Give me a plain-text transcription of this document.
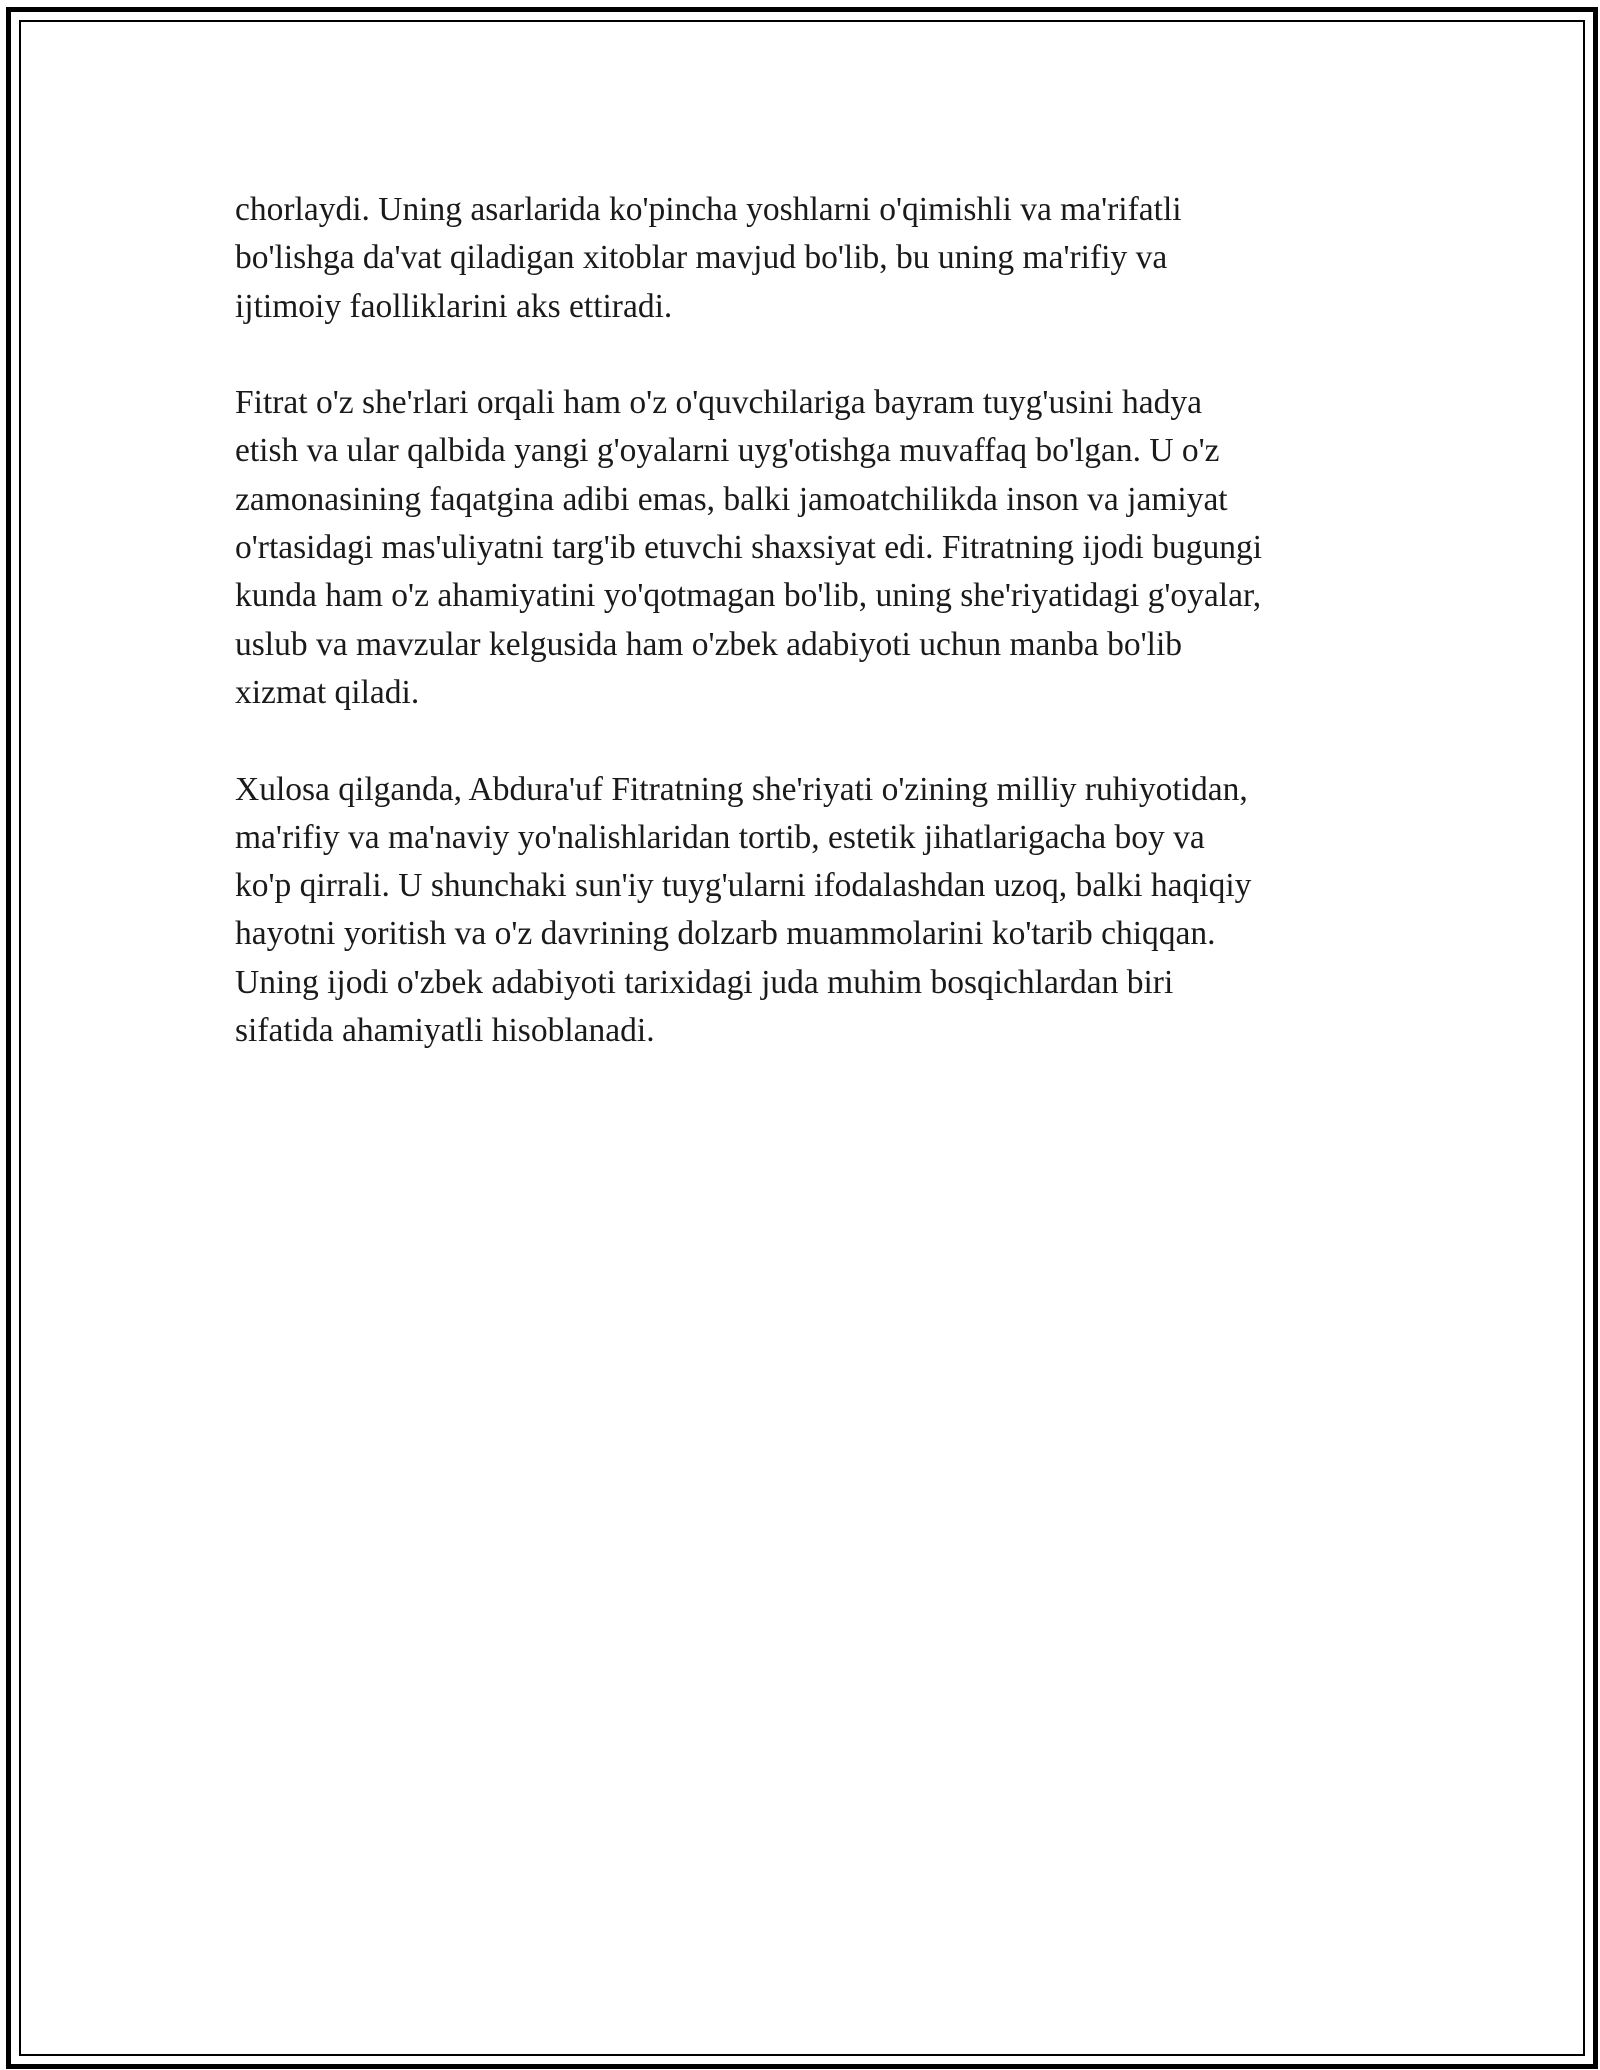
chorlaydi. Uning asarlarida ko'pincha yoshlarni o'qimishli va ma'rifatli
bo'lishga da'vat qiladigan xitoblar mavjud bo'lib, bu uning ma'rifiy va
ijtimoiy faolliklarini aks ettiradi.

Fitrat o'z she'rlari orqali ham o'z o'quvchilariga bayram tuyg'usini hadya
etish va ular qalbida yangi g'oyalarni uyg'otishga muvaffaq bo'lgan. U o'z
zamonasining faqatgina adibi emas, balki jamoatchilikda inson va jamiyat
o'rtasidagi mas'uliyatni targ'ib etuvchi shaxsiyat edi. Fitratning ijodi bugungi
kunda ham o'z ahamiyatini yo'qotmagan bo'lib, uning she'riyatidagi g'oyalar,
uslub va mavzular kelgusida ham o'zbek adabiyoti uchun manba bo'lib
xizmat qiladi.

Xulosa qilganda, Abdura'uf Fitratning she'riyati o'zining milliy ruhiyotidan,
ma'rifiy va ma'naviy yo'nalishlaridan tortib, estetik jihatlarigacha boy va
ko'p qirrali. U shunchaki sun'iy tuyg'ularni ifodalashdan uzoq, balki haqiqiy
hayotni yoritish va o'z davrining dolzarb muammolarini ko'tarib chiqqan.
Uning ijodi o'zbek adabiyoti tarixidagi juda muhim bosqichlardan biri
sifatida ahamiyatli hisoblanadi.
